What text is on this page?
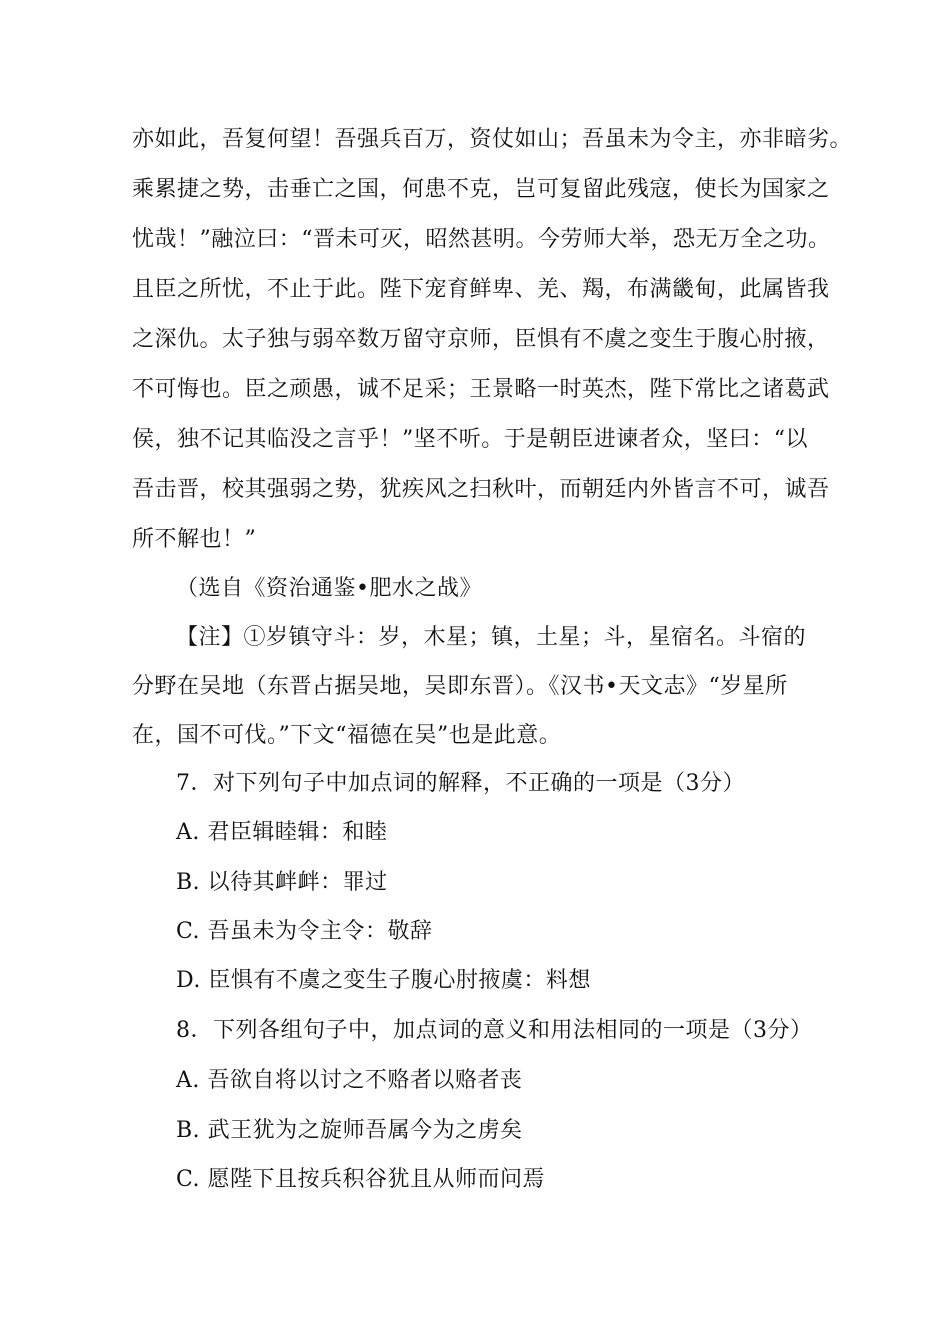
亦如此，吾复何望！吾强兵百万，资仗如山；吾虽未为令主，亦非暗劣。
乘累捷之势，击垂亡之国，何患不克，岂可复留此残寇，使长为国家之
忧哉！”融泣曰：“晋未可灭，昭然甚明。今劳师大举，恐无万全之功。
且臣之所忧，不止于此。陛下宠育鲜卑、羌、羯，布满畿甸，此属皆我
之深仇。太子独与弱卒数万留守京师，臣惧有不虞之变生于腹心肘掖，
不可悔也。臣之顽愚，诚不足采；王景略一时英杰，陛下常比之诸葛武
侯，独不记其临没之言乎！”坚不听。于是朝臣进谏者众，坚曰：“以
吾击晋，校其强弱之势，犹疾风之扫秋叶，而朝廷内外皆言不可，诚吾
所不解也！”
（选自《资治通鉴•肥水之战》
【注】①岁镇守斗：岁，木星；镇，土星；斗，星宿名。斗宿的
分野在吴地（东晋占据吴地，吴即东晋）。《汉书•天文志》“岁星所
在，国不可伐。”下文“福德在吴”也是此意。
7．对下列句子中加点词的解释，不正确的一项是（3分）
A. 君臣辑睦辑：和睦
B. 以待其衅衅：罪过
C. 吾虽未为令主令：敬辞
D. 臣惧有不虞之变生子腹心肘掖虞：料想
8．下列各组句子中，加点词的意义和用法相同的一项是（3分）
A. 吾欲自将以讨之不赂者以赂者丧
B. 武王犹为之旋师吾属今为之虏矣
C. 愿陛下且按兵积谷犹且从师而问焉
